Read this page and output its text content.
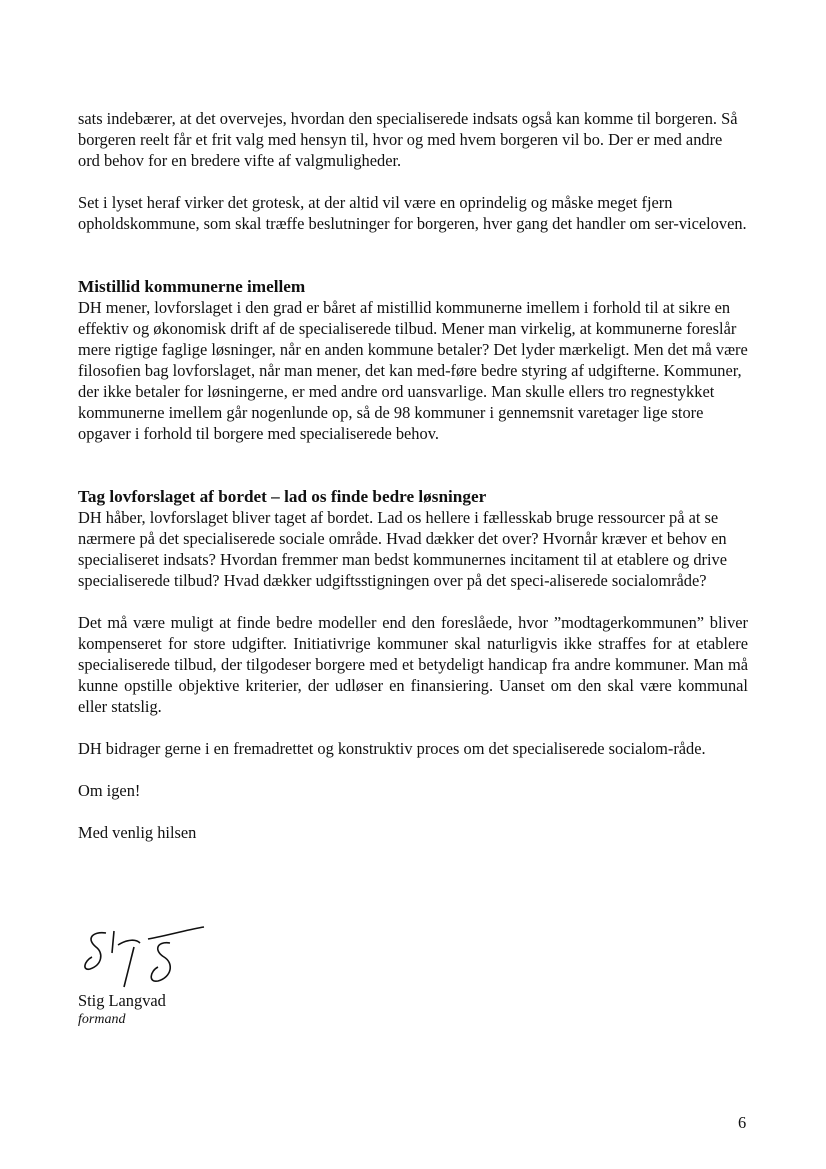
sats indebærer, at det overvejes, hvordan den specialiserede indsats også kan komme til borgeren. Så borgeren reelt får et frit valg med hensyn til, hvor og med hvem borgeren vil bo. Der er med andre ord behov for en bredere vifte af valgmuligheder.

Set i lyset heraf virker det grotesk, at der altid vil være en oprindelig og måske meget fjern opholdskommune, som skal træffe beslutninger for borgeren, hver gang det handler om ser-viceloven.

Mistillid kommunerne imellem

DH mener, lovforslaget i den grad er båret af mistillid kommunerne imellem i forhold til at sikre en effektiv og økonomisk drift af de specialiserede tilbud. Mener man virkelig, at kommunerne foreslår mere rigtige faglige løsninger, når en anden kommune betaler? Det lyder mærkeligt. Men det må være filosofien bag lovforslaget, når man mener, det kan med-føre bedre styring af udgifterne. Kommuner, der ikke betaler for løsningerne, er med andre ord uansvarlige. Man skulle ellers tro regnestykket kommunerne imellem går nogenlunde op, så de 98 kommuner i gennemsnit varetager lige store opgaver i forhold til borgere med specialiserede behov.

Tag lovforslaget af bordet – lad os finde bedre løsninger

DH håber, lovforslaget bliver taget af bordet. Lad os hellere i fællesskab bruge ressourcer på at se nærmere på det specialiserede sociale område. Hvad dækker det over? Hvornår kræver et behov en specialiseret indsats? Hvordan fremmer man bedst kommunernes incitament til at etablere og drive specialiserede tilbud? Hvad dækker udgiftsstigningen over på det speci-aliserede socialområde?

Det må være muligt at finde bedre modeller end den foreslåede, hvor ”modtagerkommunen” bliver kompenseret for store udgifter. Initiativrige kommuner skal naturligvis ikke straffes for at etablere specialiserede tilbud, der tilgodeser borgere med et betydeligt handicap fra andre kommuner. Man må kunne opstille objektive kriterier, der udløser en finansiering. Uanset om den skal være kommunal eller statslig.

DH bidrager gerne i en fremadrettet og konstruktiv proces om det specialiserede socialom-råde.

Om igen!

Med venlig hilsen

Stig Langvad
formand
6
